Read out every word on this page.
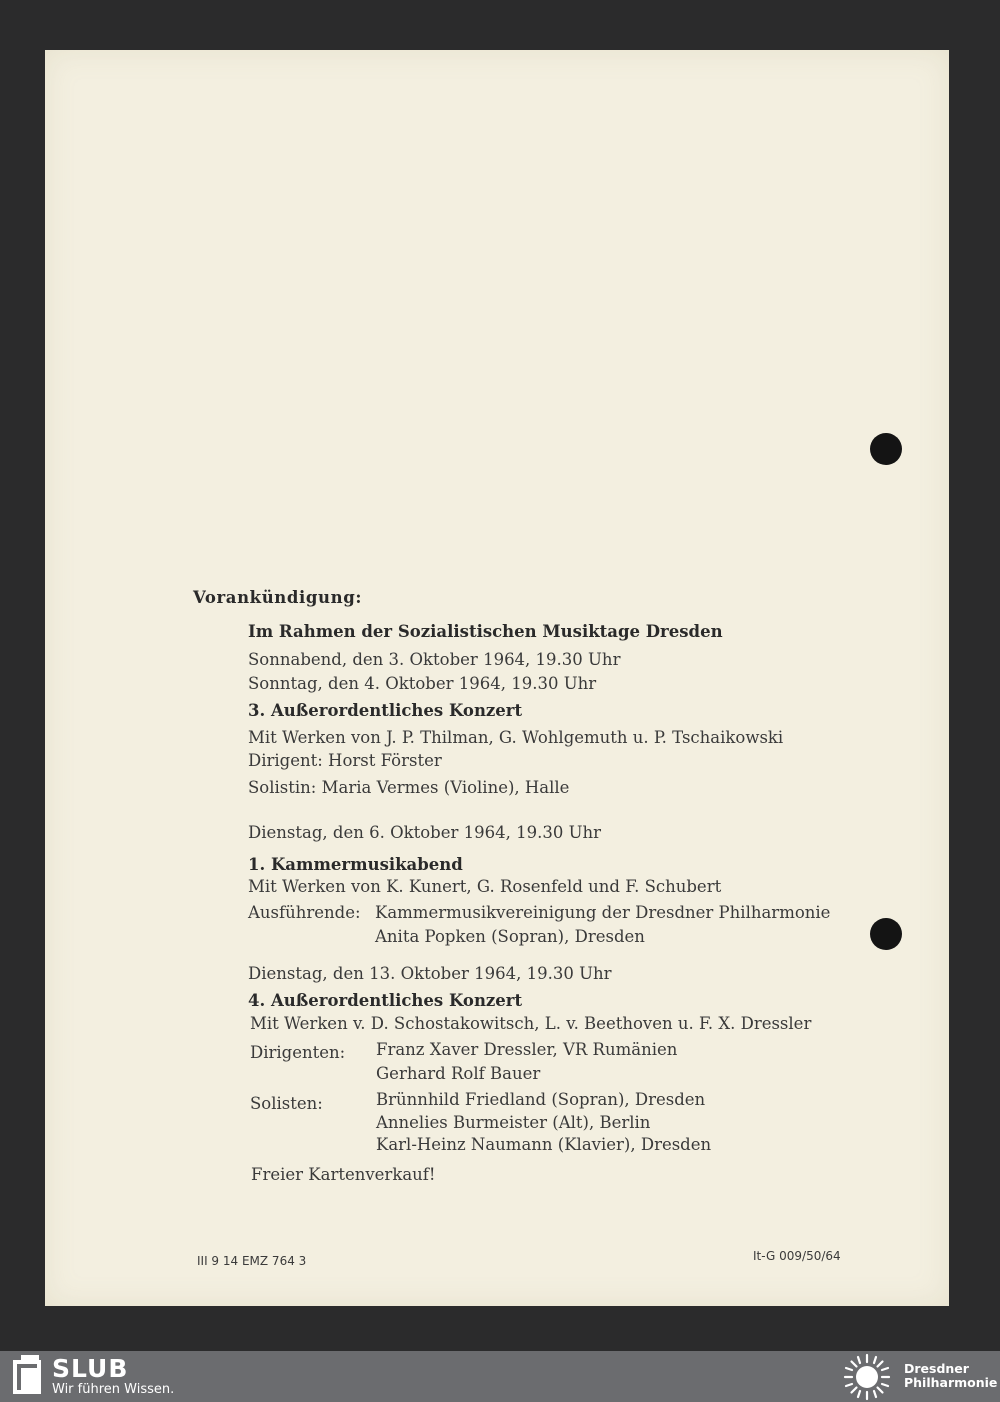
Vorankündigung:
Im Rahmen der Sozialistischen Musiktage Dresden
Sonnabend, den 3. Oktober 1964, 19.30 Uhr
Sonntag, den 4. Oktober 1964, 19.30 Uhr
3. Außerordentliches Konzert
Mit Werken von J. P. Thilman, G. Wohlgemuth u. P. Tschaikowski
Dirigent: Horst Förster
Solistin: Maria Vermes (Violine), Halle
Dienstag, den 6. Oktober 1964, 19.30 Uhr
1. Kammermusikabend
Mit Werken von K. Kunert, G. Rosenfeld und F. Schubert
Ausführende: Kammermusikvereinigung der Dresdner Philharmonie
Anita Popken (Sopran), Dresden
Dienstag, den 13. Oktober 1964, 19.30 Uhr
4. Außerordentliches Konzert
Mit Werken v. D. Schostakowitsch, L. v. Beethoven u. F. X. Dressler
Dirigenten: Franz Xaver Dressler, VR Rumänien
Gerhard Rolf Bauer
Solisten:	Brünnhild Friedland (Sopran), Dresden
Annelies Burmeister (Alt), Berlin
Karl-Heinz Naumann (Klavier), Dresden
Freier Kartenverkauf!
III 9 14 EMZ 764 3	It-G 009/50/64
SLUB
Wir führen Wissen.
Dresdner
Philharmonie
